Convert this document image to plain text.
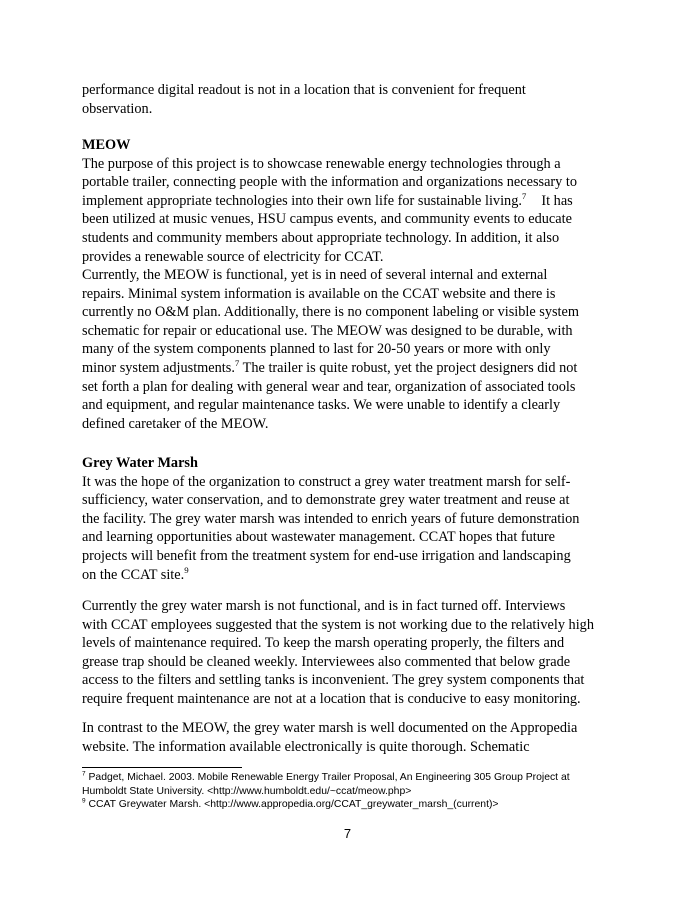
performance digital readout is not in a location that is convenient for frequent

observation.

MEOW

The purpose of this project is to showcase renewable energy technologies through a

portable trailer, connecting people with the information and organizations necessary to

implement appropriate technologies into their own life for sustainable living.$^7$ It has

been utilized at music venues, HSU campus events, and community events to educate

students and community members about appropriate technology. In addition, it also

provides a renewable source of electricity for CCAT.

Currently, the MEOW is functional, yet is in need of several internal and external

repairs. Minimal system information is available on the CCAT website and there is

currently no O&M plan. Additionally, there is no component labeling or visible system

schematic for repair or educational use. The MEOW was designed to be durable, with

many of the system components planned to last for 20-50 years or more with only

minor system adjustments.$^7$ The trailer is quite robust, yet the project designers did not

set forth a plan for dealing with general wear and tear, organization of associated tools

and equipment, and regular maintenance tasks. We were unable to identify a clearly

defined caretaker of the MEOW.

Grey Water Marsh

It was the hope of the organization to construct a grey water treatment marsh for self-

sufficiency, water conservation, and to demonstrate grey water treatment and reuse at

the facility. The grey water marsh was intended to enrich years of future demonstration

and learning opportunities about wastewater management. CCAT hopes that future

projects will benefit from the treatment system for end-use irrigation and landscaping

on the CCAT site.$^9$

Currently the grey water marsh is not functional, and is in fact turned off. Interviews

with CCAT employees suggested that the system is not working due to the relatively high

levels of maintenance required. To keep the marsh operating properly, the filters and

grease trap should be cleaned weekly. Interviewees also commented that below grade

access to the filters and settling tanks is inconvenient. The grey system components that

require frequent maintenance are not at a location that is conducive to easy monitoring.

In contrast to the MEOW, the grey water marsh is well documented on the Appropedia

website. The information available electronically is quite thorough. Schematic

$^7$ Padget, Michael. 2003. Mobile Renewable Energy Trailer Proposal, An Engineering 305 Group Project at

Humboldt State University. <http://www.humboldt.edu/~ccat/meow.php>

$^9$ CCAT Greywater Marsh. <http://www.appropedia.org/CCAT_greywater_marsh_(current)>

7
